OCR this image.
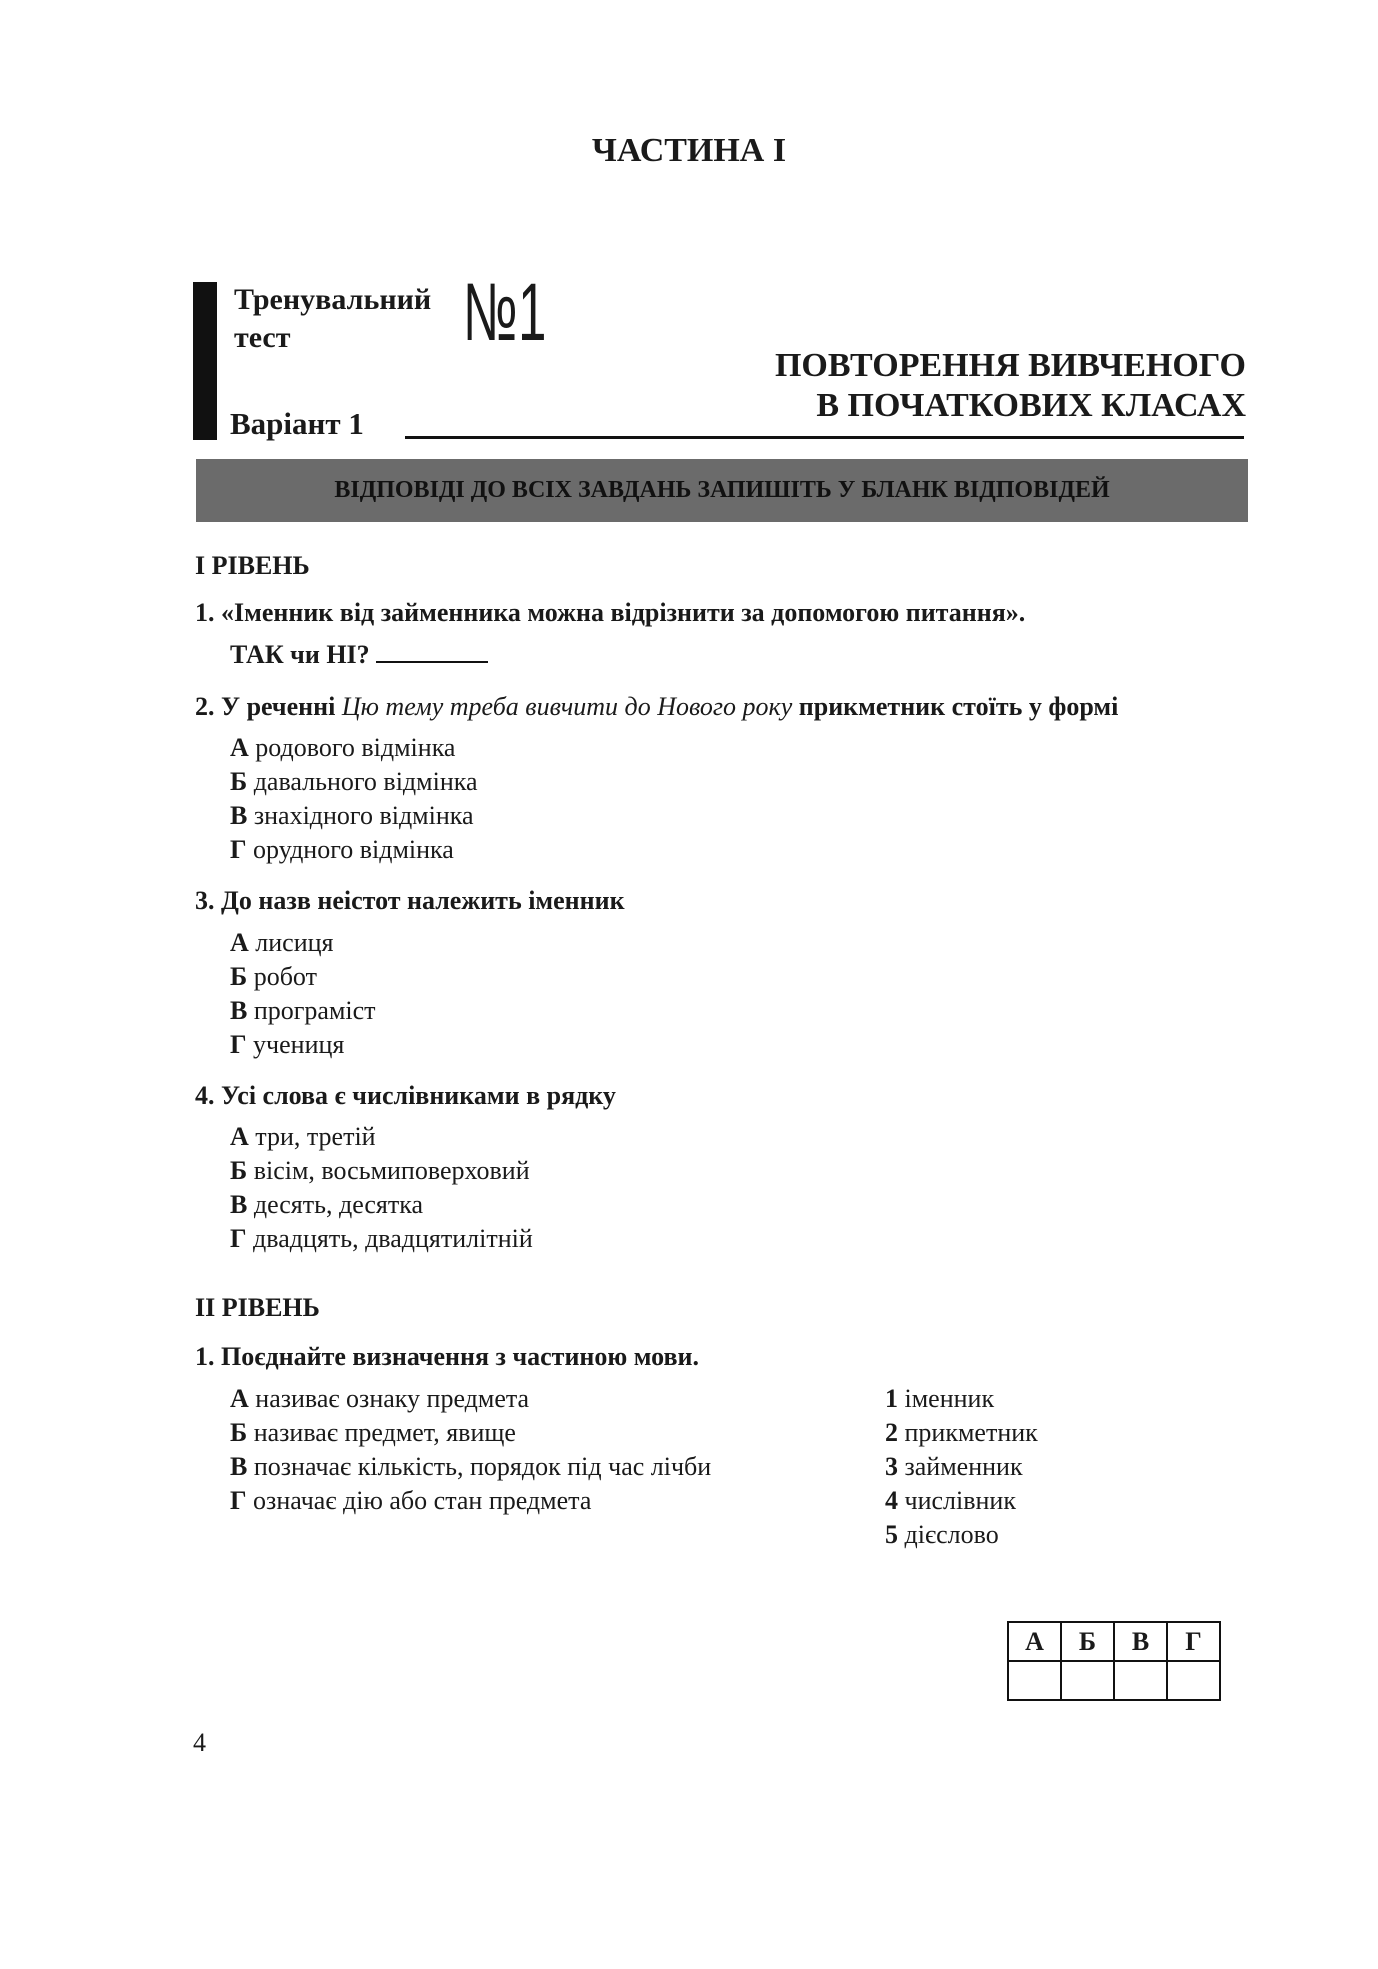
ЧАСТИНА І
Тренувальний
тест	№1
Варіант 1
ПОВТОРЕННЯ ВИВЧЕНОГО
В ПОЧАТКОВИХ КЛАСАХ
ВІДПОВІДІ ДО ВСІХ ЗАВДАНЬ ЗАПИШІТЬ У БЛАНК ВІДПОВІДЕЙ
І РІВЕНЬ
1. «Іменник від займенника можна відрізнити за допомогою питання».
ТАК чи НІ?
2. У реченні Цю тему треба вивчити до Нового року прикметник стоїть у формі
А родового відмінка
Б давального відмінка
В знахідного відмінка
Г орудного відмінка
3. До назв неістот належить іменник
А лисиця
Б робот
В програміст
Г учениця
4. Усі слова є числівниками в рядку
А три, третій
Б вісім, восьмиповерховий
В десять, десятка
Г двадцять, двадцятилітній
ІІ РІВЕНЬ
1. Поєднайте визначення з частиною мови.
А називає ознаку предмета
Б називає предмет, явище
В позначає кількість, порядок під час лічби
Г означає дію або стан предмета
1 іменник
2 прикметник
3 займенник
4 числівник
5 дієслово
А	Б	В	Г

4
